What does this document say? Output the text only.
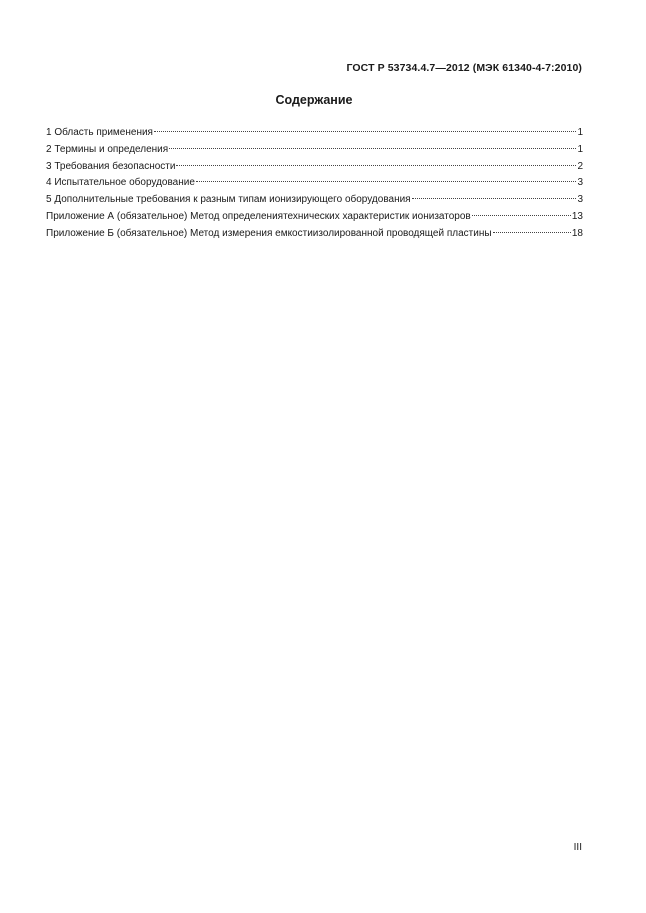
ГОСТ Р 53734.4.7—2012 (МЭК 61340-4-7:2010)
Содержание
1 Область применения	1
2 Термины и определения	1
3 Требования безопасности	2
4 Испытательное оборудование	3
5 Дополнительные требования к разным типам ионизирующего оборудования	3
Приложение А (обязательное) Метод определениятехнических характеристик ионизаторов	13
Приложение Б (обязательное) Метод измерения емкостиизолированной проводящей пластины	18
III
